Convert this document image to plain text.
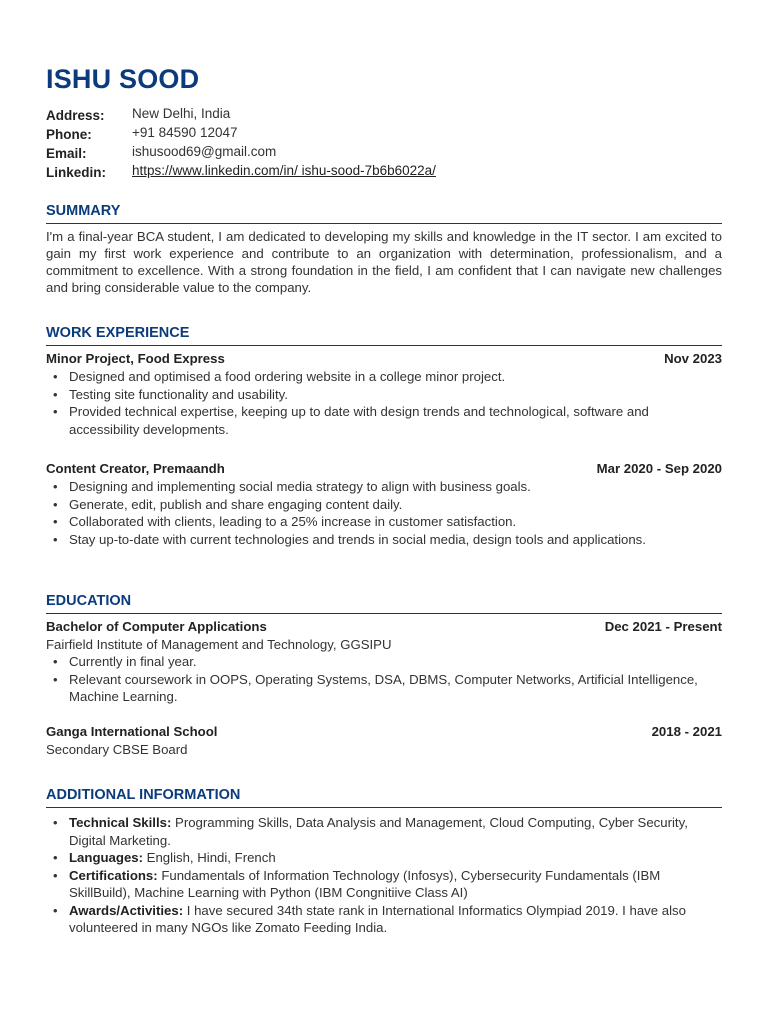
ISHU SOOD
Address: New Delhi, India
Phone:	+91 84590 12047
Email:	ishusood69@gmail.com
Linkedin: https://www.linkedin.com/in/ ishu-sood-7b6b6022a/
SUMMARY

I'm a final-year BCA student, I am dedicated to developing my skills and knowledge in the IT sector. I am excited to gain my first work experience and contribute to an organization with determination, professionalism, and a commitment to excellence. With a strong foundation in the field, I am confident that I can navigate new challenges and bring considerable value to the company.

WORK EXPERIENCE
Minor Project, Food Express	Nov 2023
• Designed and optimised a food ordering website in a college minor project.
• Testing site functionality and usability.
• Provided technical expertise, keeping up to date with design trends and technological, software and accessibility developments.
Content Creator, Premaandh	Mar 2020 - Sep 2020
• Designing and implementing social media strategy to align with business goals.
• Generate, edit, publish and share engaging content daily.
• Collaborated with clients, leading to a 25% increase in customer satisfaction.
• Stay up-to-date with current technologies and trends in social media, design tools and applications.
EDUCATION
Bachelor of Computer Applications	Dec 2021 - Present
Fairfield Institute of Management and Technology, GGSIPU
• Currently in final year.
• Relevant coursework in OOPS, Operating Systems, DSA, DBMS, Computer Networks, Artificial Intelligence, Machine Learning.
Ganga International School	2018 - 2021
Secondary CBSE Board
ADDITIONAL INFORMATION
• Technical Skills: Programming Skills, Data Analysis and Management, Cloud Computing, Cyber Security, Digital Marketing.
• Languages: English, Hindi, French
• Certifications: Fundamentals of Information Technology (Infosys), Cybersecurity Fundamentals (IBM SkillBuild), Machine Learning with Python (IBM Congnitiive Class AI)
• Awards/Activities: I have secured 34th state rank in International Informatics Olympiad 2019. I have also volunteered in many NGOs like Zomato Feeding India.
